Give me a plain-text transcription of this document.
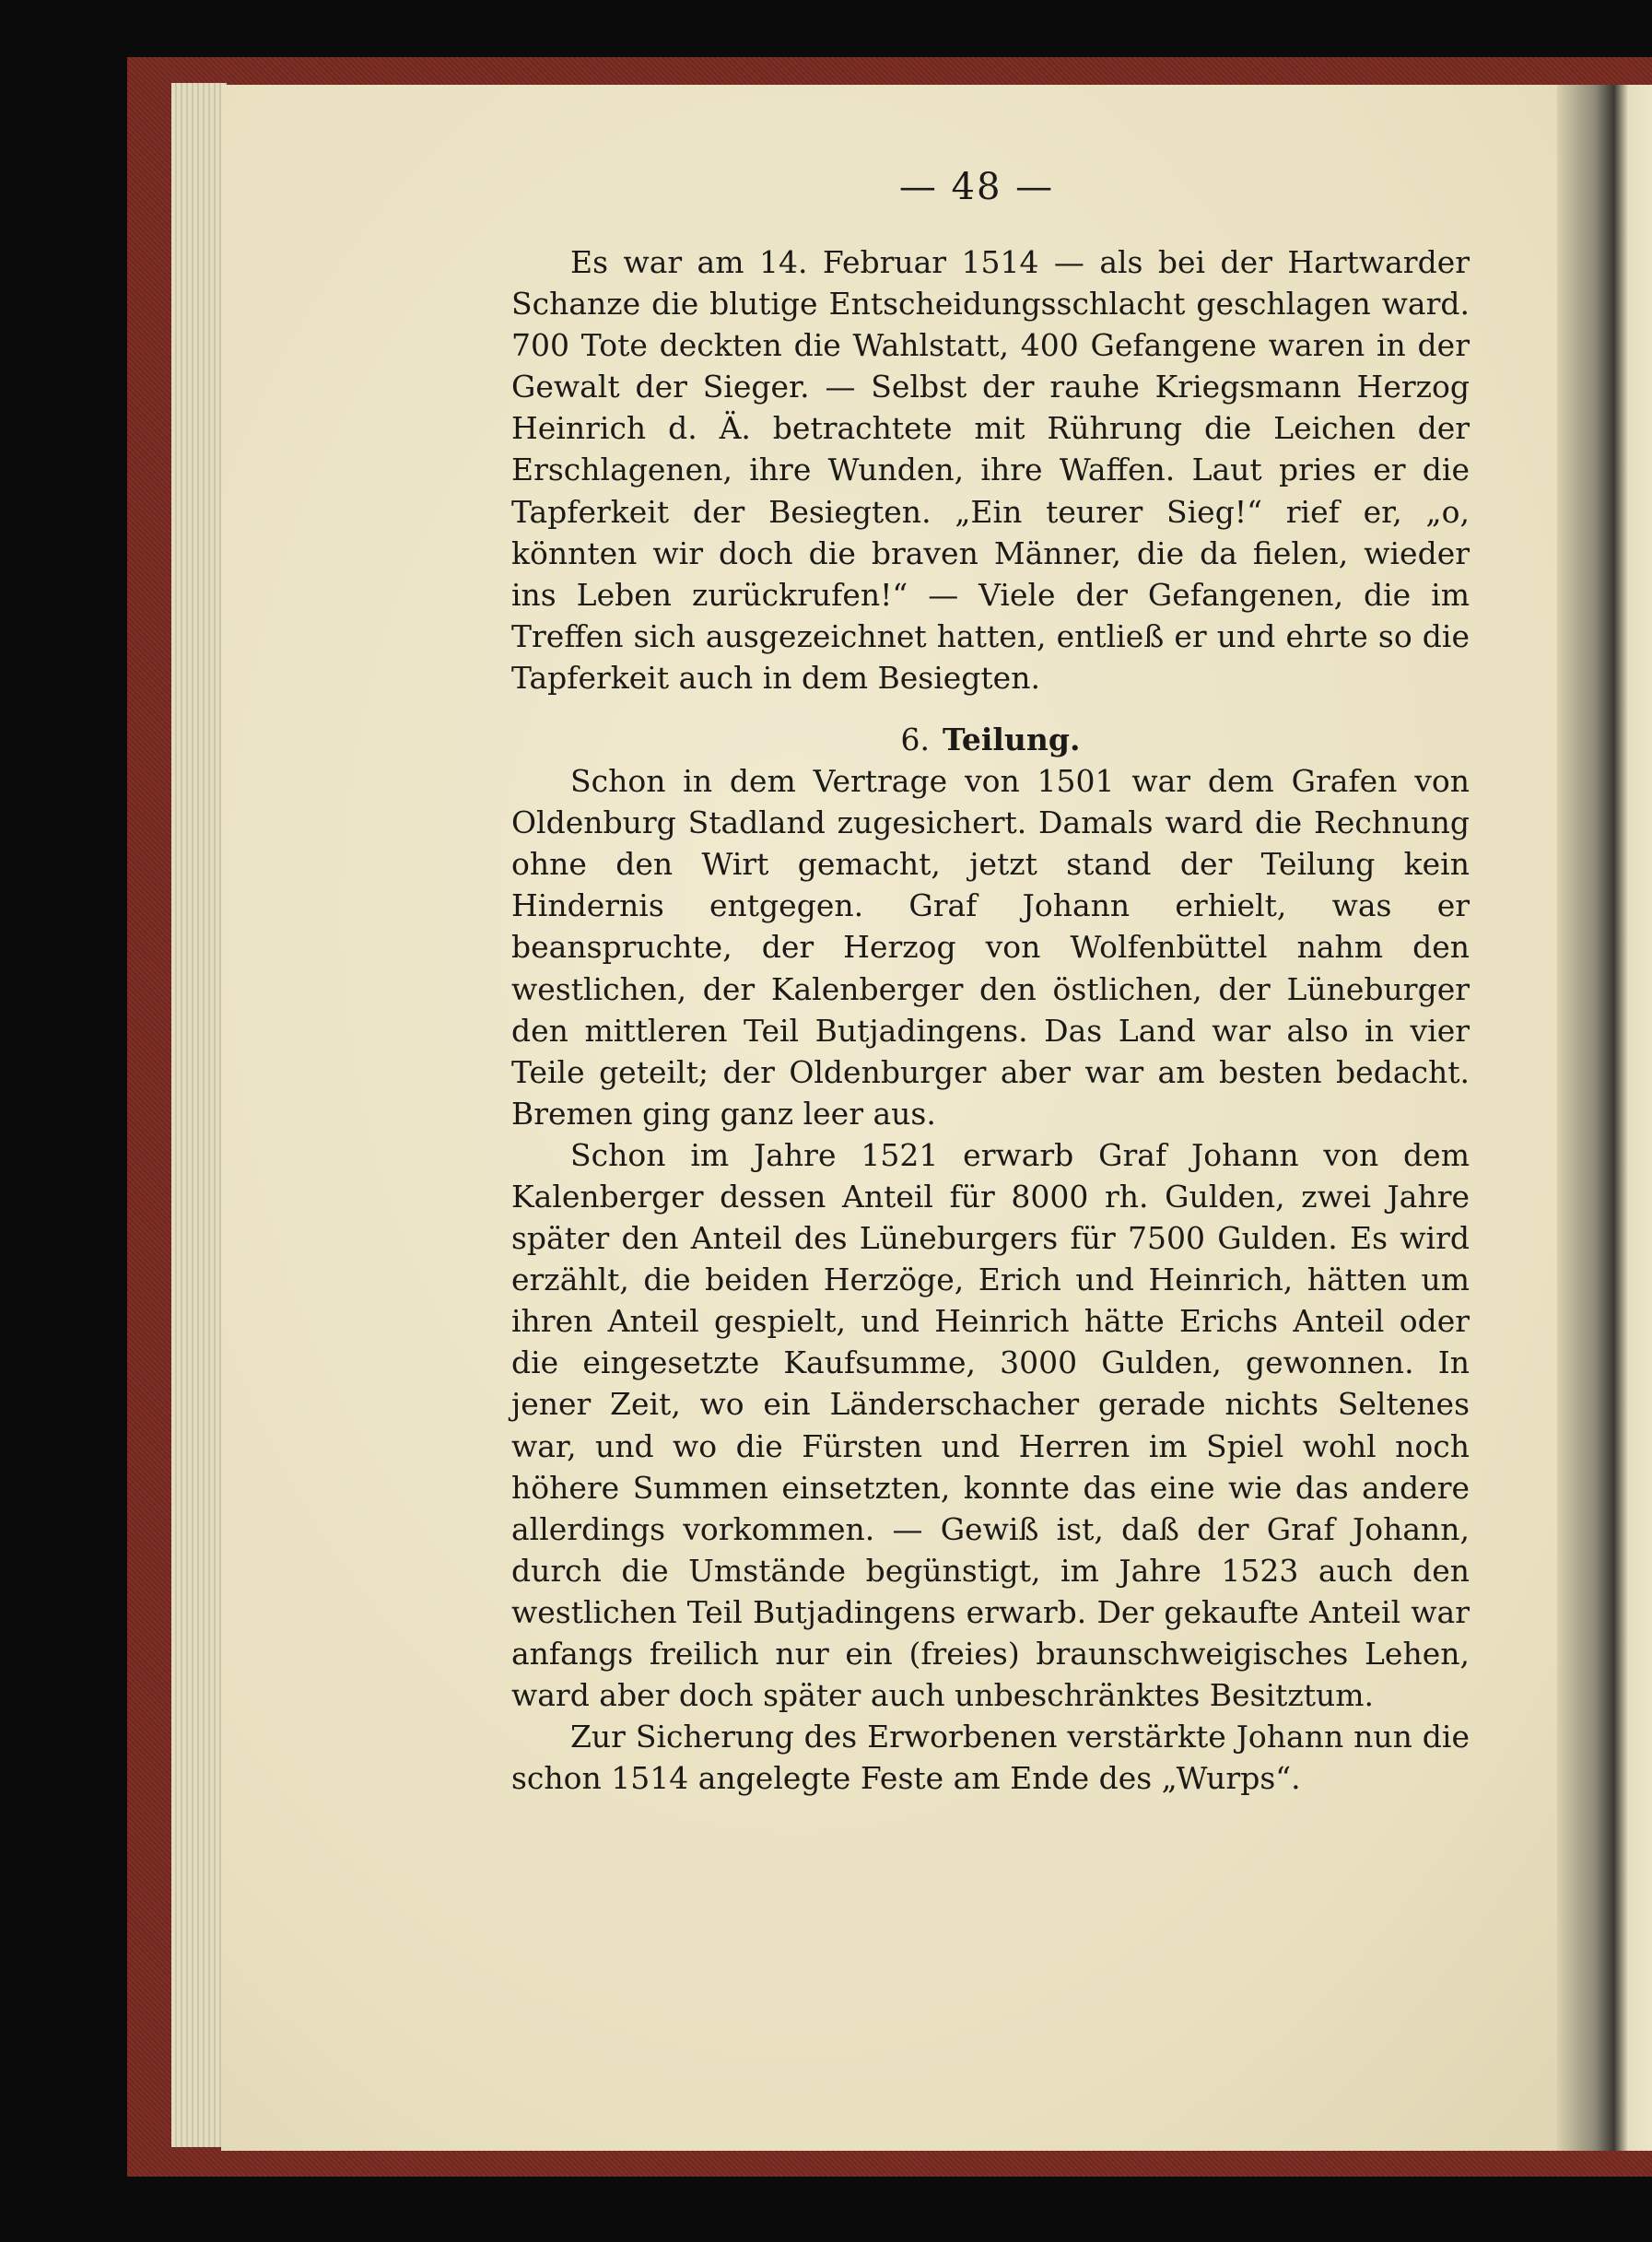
— 48 —

Es war am 14. Februar 1514 — als bei der Hartwarder Schanze die blutige Entscheidungsschlacht geschlagen ward. 700 Tote deckten die Wahlstatt, 400 Gefangene waren in der Gewalt der Sieger. — Selbst der rauhe Kriegsmann Herzog Heinrich d. Ä. betrachtete mit Rührung die Leichen der Erschlagenen, ihre Wunden, ihre Waffen. Laut pries er die Tapferkeit der Besiegten. „Ein teurer Sieg!“ rief er, „o, könnten wir doch die braven Männer, die da fielen, wieder ins Leben zurückrufen!“ — Viele der Gefangenen, die im Treffen sich ausgezeichnet hatten, entließ er und ehrte so die Tapferkeit auch in dem Besiegten.

6. Teilung.

Schon in dem Vertrage von 1501 war dem Grafen von Oldenburg Stadland zugesichert. Damals ward die Rechnung ohne den Wirt gemacht, jetzt stand der Teilung kein Hindernis entgegen. Graf Johann erhielt, was er beanspruchte, der Herzog von Wolfenbüttel nahm den westlichen, der Kalenberger den östlichen, der Lüneburger den mittleren Teil Butjadingens. Das Land war also in vier Teile geteilt; der Oldenburger aber war am besten bedacht. Bremen ging ganz leer aus.

Schon im Jahre 1521 erwarb Graf Johann von dem Kalenberger dessen Anteil für 8000 rh. Gulden, zwei Jahre später den Anteil des Lüneburgers für 7500 Gulden. Es wird erzählt, die beiden Herzöge, Erich und Heinrich, hätten um ihren Anteil gespielt, und Heinrich hätte Erichs Anteil oder die eingesetzte Kaufsumme, 3000 Gulden, gewonnen. In jener Zeit, wo ein Länderschacher gerade nichts Seltenes war, und wo die Fürsten und Herren im Spiel wohl noch höhere Summen einsetzten, konnte das eine wie das andere allerdings vorkommen. — Gewiß ist, daß der Graf Johann, durch die Umstände begünstigt, im Jahre 1523 auch den westlichen Teil Butjadingens erwarb. Der gekaufte Anteil war anfangs freilich nur ein (freies) braunschweigisches Lehen, ward aber doch später auch unbeschränktes Besitztum.

Zur Sicherung des Erworbenen verstärkte Johann nun die schon 1514 angelegte Feste am Ende des „Wurps“.
